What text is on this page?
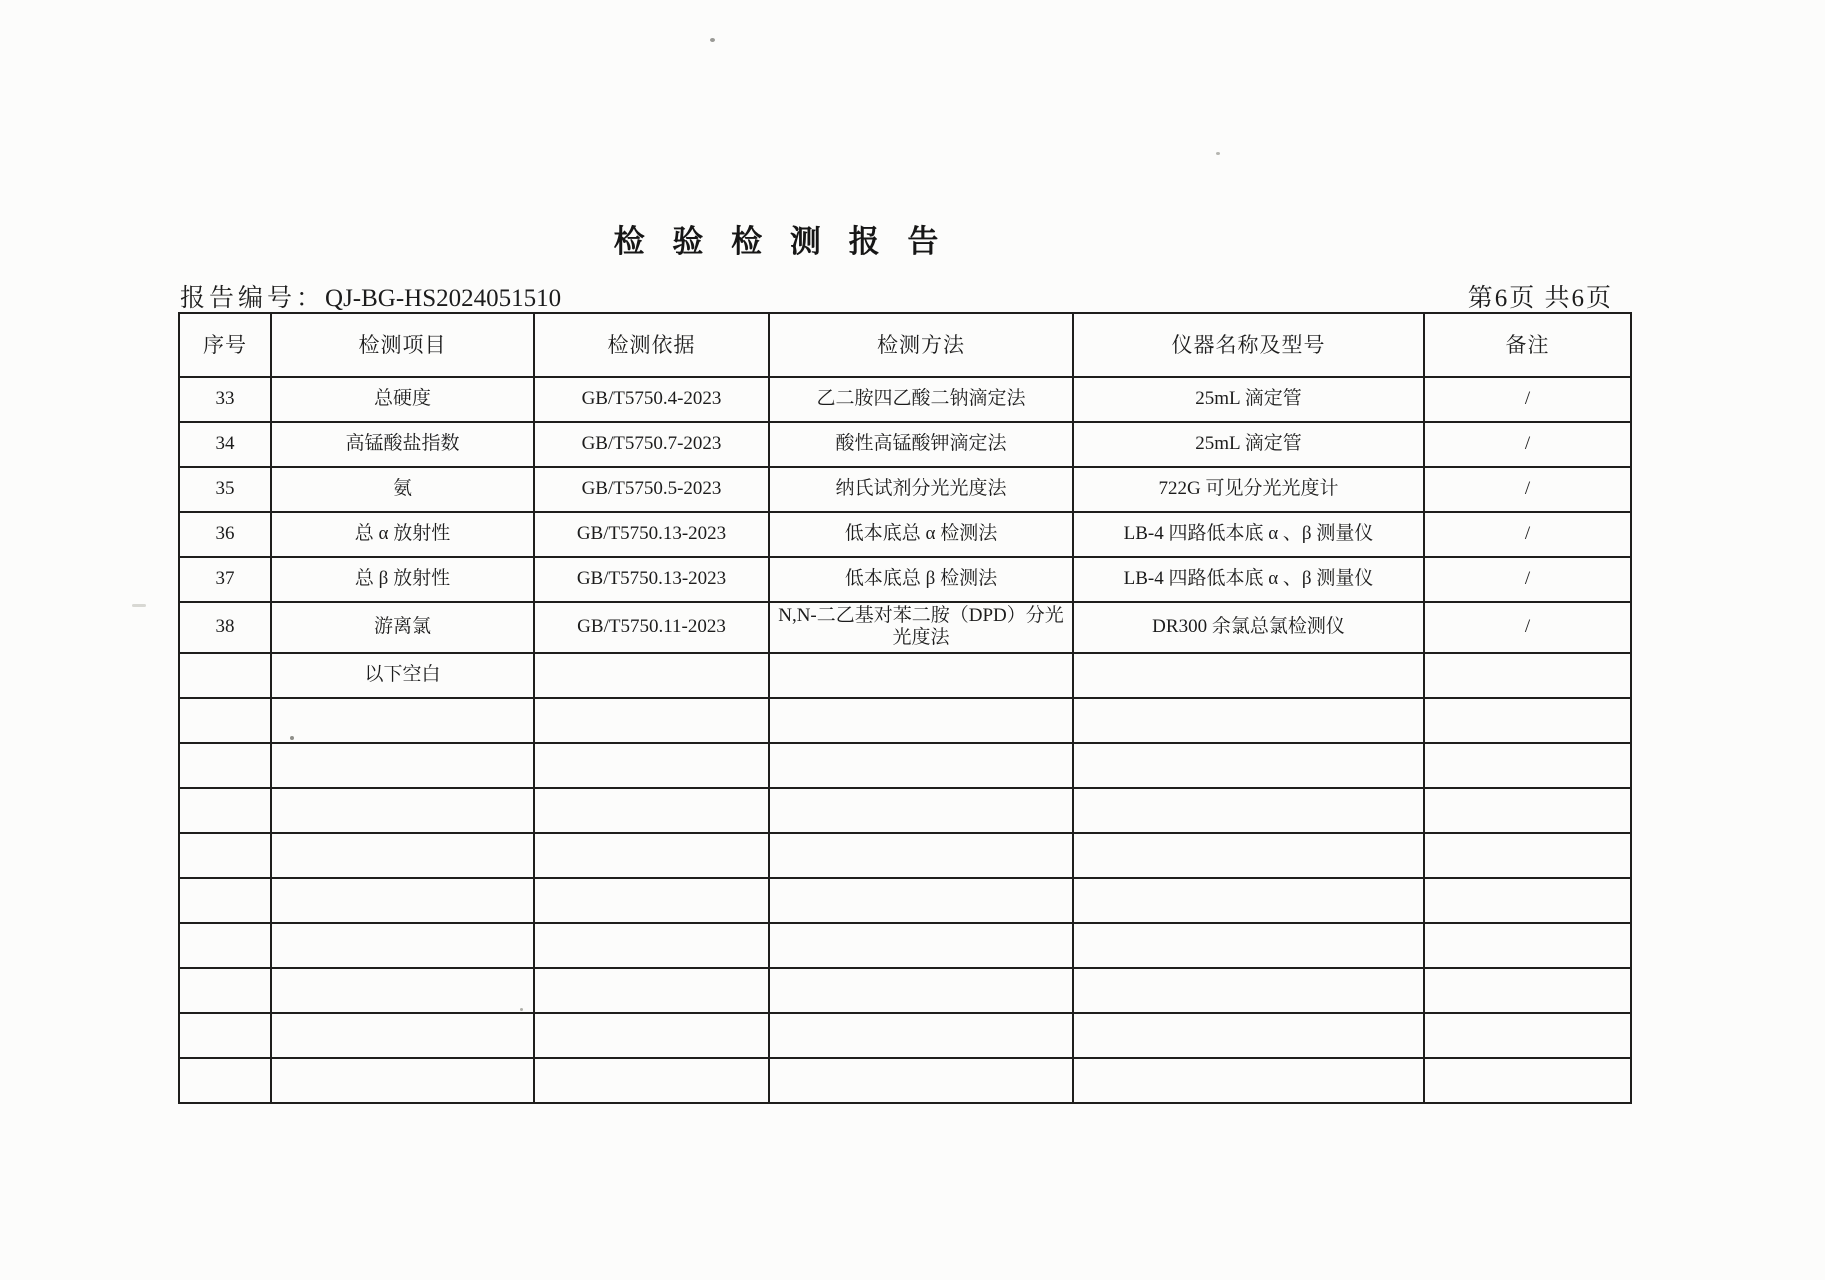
检 验 检 测 报 告
报告编号：QJ-BG-HS2024051510	第6页 共6页
序号	检测项目	检测依据	检测方法	仪器名称及型号	备注
33	总硬度	GB/T5750.4-2023	乙二胺四乙酸二钠滴定法	25mL 滴定管	/
34	高锰酸盐指数	GB/T5750.7-2023	酸性高锰酸钾滴定法	25mL 滴定管	/
35	氨	GB/T5750.5-2023	纳氏试剂分光光度法	722G 可见分光光度计	/
36	总 α 放射性	GB/T5750.13-2023	低本底总 α 检测法	LB-4 四路低本底 α 、β 测量仪	/
37	总 β 放射性	GB/T5750.13-2023	低本底总 β 检测法	LB-4 四路低本底 α 、β 测量仪	/
38	游离氯	GB/T5750.11-2023	N,N-二乙基对苯二胺（DPD）分光光度法	DR300 余氯总氯检测仪	/
	以下空白				
